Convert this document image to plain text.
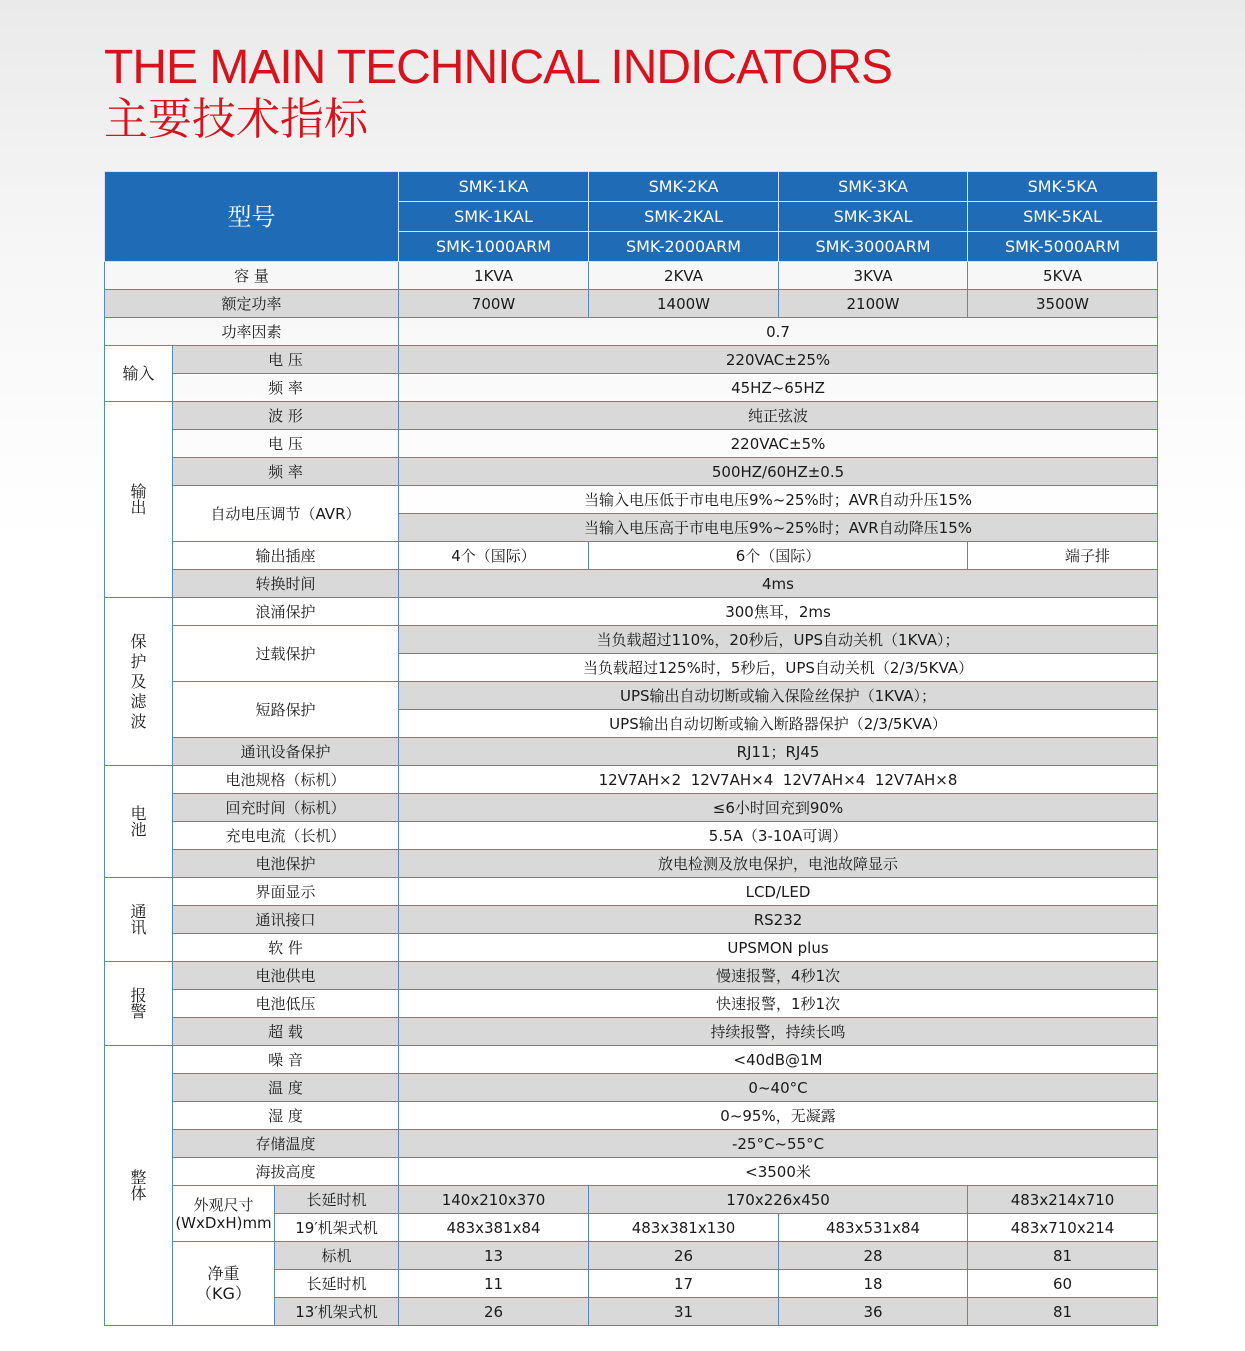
THE MAIN TECHNICAL INDICATORS
主要技术指标
型号			SMK-1KA	SMK-2KA	SMK-3KA	SMK-5KA
			SMK-1KAL	SMK-2KAL	SMK-3KAL	SMK-5KAL
			SMK-1000ARM	SMK-2000ARM	SMK-3000ARM	SMK-5000ARM
容 量			1KVA	2KVA	3KVA	5KVA
额定功率			700W	1400W	2100W	3500W
功率因素			0.7			
输入	电 压		220VAC±25%			
	频 率		45HZ~65HZ			
输
出	波 形		纯正弦波			
	电 压		220VAC±5%			
	频 率		500HZ/60HZ±0.5			
	自动电压调节（AVR）		当输入电压低于市电电压9%~25%时；AVR自动升压15%			
			当输入电压高于市电电压9%~25%时；AVR自动降压15%			
	输出插座		4个（国际）	6个（国际）		端子排
	转换时间		4ms			
保
护
及
滤
波	浪涌保护		300焦耳，2ms			
	过载保护		当负载超过110%，20秒后，UPS自动关机（1KVA）；			
			当负载超过125%时，5秒后，UPS自动关机（2/3/5KVA）			
	短路保护		UPS输出自动切断或输入保险丝保护（1KVA）；			
			UPS输出自动切断或输入断路器保护（2/3/5KVA）			
	通讯设备保护		RJ11；RJ45			
电
池	电池规格（标机）		12V7AH×2  12V7AH×4  12V7AH×4  12V7AH×8			
	回充时间（标机）		≤6小时回充到90%			
	充电电流（长机）		5.5A（3-10A可调）			
	电池保护		放电检测及放电保护，电池故障显示			
通
讯	界面显示		LCD/LED			
	通讯接口		RS232			
	软 件		UPSMON plus			
报
警	电池供电		慢速报警，4秒1次			
	电池低压		快速报警，1秒1次			
	超 载		持续报警，持续长鸣			
整
体	噪 音		<40dB@1M			
	温 度		0~40°C			
	湿 度		0~95%，无凝露			
	存储温度		-25°C~55°C			
	海拔高度		<3500米			
	外观尺寸
(WxDxH)mm	长延时机	140x210x370	170x226x450		483x214x710
		19′机架式机	483x381x84	483x381x130	483x531x84	483x710x214
	净重
（KG）	标机	13	26	28	81
		长延时机	11	17	18	60
		13′机架式机	26	31	36	81
